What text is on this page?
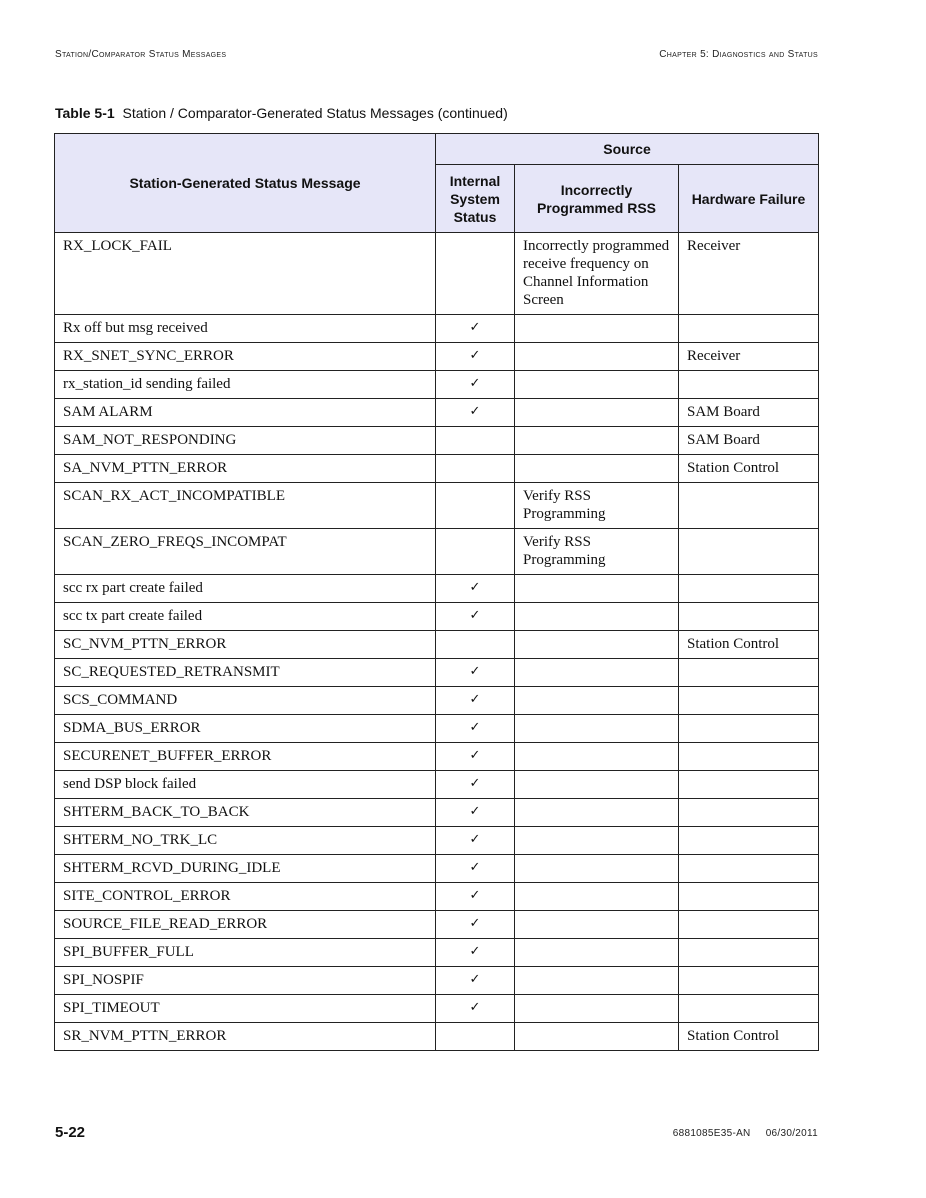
Station/Comparator Status Messages	Chapter 5: Diagnostics and Status
Table 5-1 Station / Comparator-Generated Status Messages (continued)
Station-Generated Status Message	Source		
	Internal System Status	Incorrectly Programmed RSS	Hardware Failure
RX_LOCK_FAIL		Incorrectly programmed receive frequency on Channel Information Screen	Receiver
Rx off but msg received	✓		
RX_SNET_SYNC_ERROR	✓		Receiver
rx_station_id sending failed	✓		
SAM ALARM	✓		SAM Board
SAM_NOT_RESPONDING			SAM Board
SA_NVM_PTTN_ERROR			Station Control
SCAN_RX_ACT_INCOMPATIBLE		Verify RSS Programming	
SCAN_ZERO_FREQS_INCOMPAT		Verify RSS Programming	
scc rx part create failed	✓		
scc tx part create failed	✓		
SC_NVM_PTTN_ERROR			Station Control
SC_REQUESTED_RETRANSMIT	✓		
SCS_COMMAND	✓		
SDMA_BUS_ERROR	✓		
SECURENET_BUFFER_ERROR	✓		
send DSP block failed	✓		
SHTERM_BACK_TO_BACK	✓		
SHTERM_NO_TRK_LC	✓		
SHTERM_RCVD_DURING_IDLE	✓		
SITE_CONTROL_ERROR	✓		
SOURCE_FILE_READ_ERROR	✓		
SPI_BUFFER_FULL	✓		
SPI_NOSPIF	✓		
SPI_TIMEOUT	✓		
SR_NVM_PTTN_ERROR			Station Control
5-22	6881085E35-AN 06/30/2011
